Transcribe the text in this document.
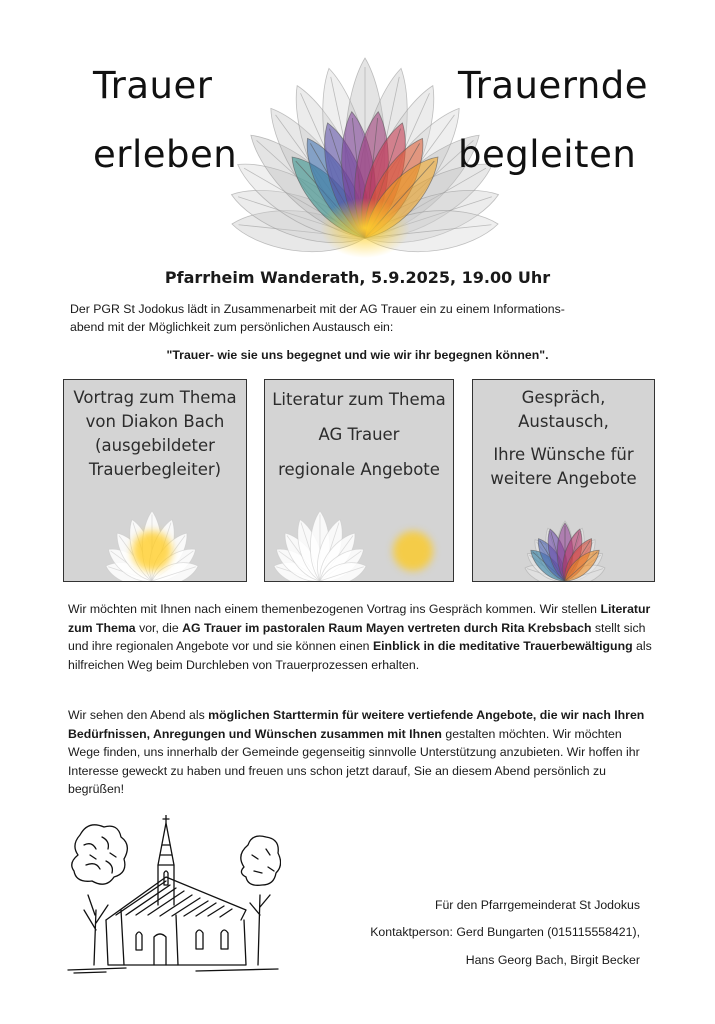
Trauer
erleben
Trauernde
begleiten
Pfarrheim Wanderath, 5.9.2025, 19.00 Uhr
Der PGR St Jodokus lädt in Zusammenarbeit mit der AG Trauer ein zu einem Informations-
abend mit der Möglichkeit zum persönlichen Austausch ein:
"Trauer- wie sie uns begegnet und wie wir ihr begegnen können".
Vortrag zum Thema
von Diakon Bach
(ausgebildeter
Trauerbegleiter)
Literatur zum Thema
AG Trauer
regionale Angebote
Gespräch,
Austausch,
Ihre Wünsche für
weitere Angebote
Wir möchten mit Ihnen nach einem themenbezogenen Vortrag ins Gespräch kommen. Wir stellen Literatur zum Thema vor, die AG Trauer im pastoralen Raum Mayen vertreten durch Rita Krebsbach stellt sich und ihre regionalen Angebote vor und sie können einen Einblick in die meditative Trauerbewältigung als hilfreichen Weg beim Durchleben von Trauerprozessen erhalten.
Wir sehen den Abend als möglichen Starttermin für weitere vertiefende Angebote, die wir nach Ihren Bedürfnissen, Anregungen und Wünschen zusammen mit Ihnen gestalten möchten. Wir möchten Wege finden, uns innerhalb der Gemeinde gegenseitig sinnvolle Unterstützung anzubieten. Wir hoffen ihr Interesse geweckt zu haben und freuen uns schon jetzt darauf, Sie an diesem Abend persönlich zu begrüßen!
Für den Pfarrgemeinderat St Jodokus
Kontaktperson: Gerd Bungarten (015115558421),
Hans Georg Bach, Birgit Becker
